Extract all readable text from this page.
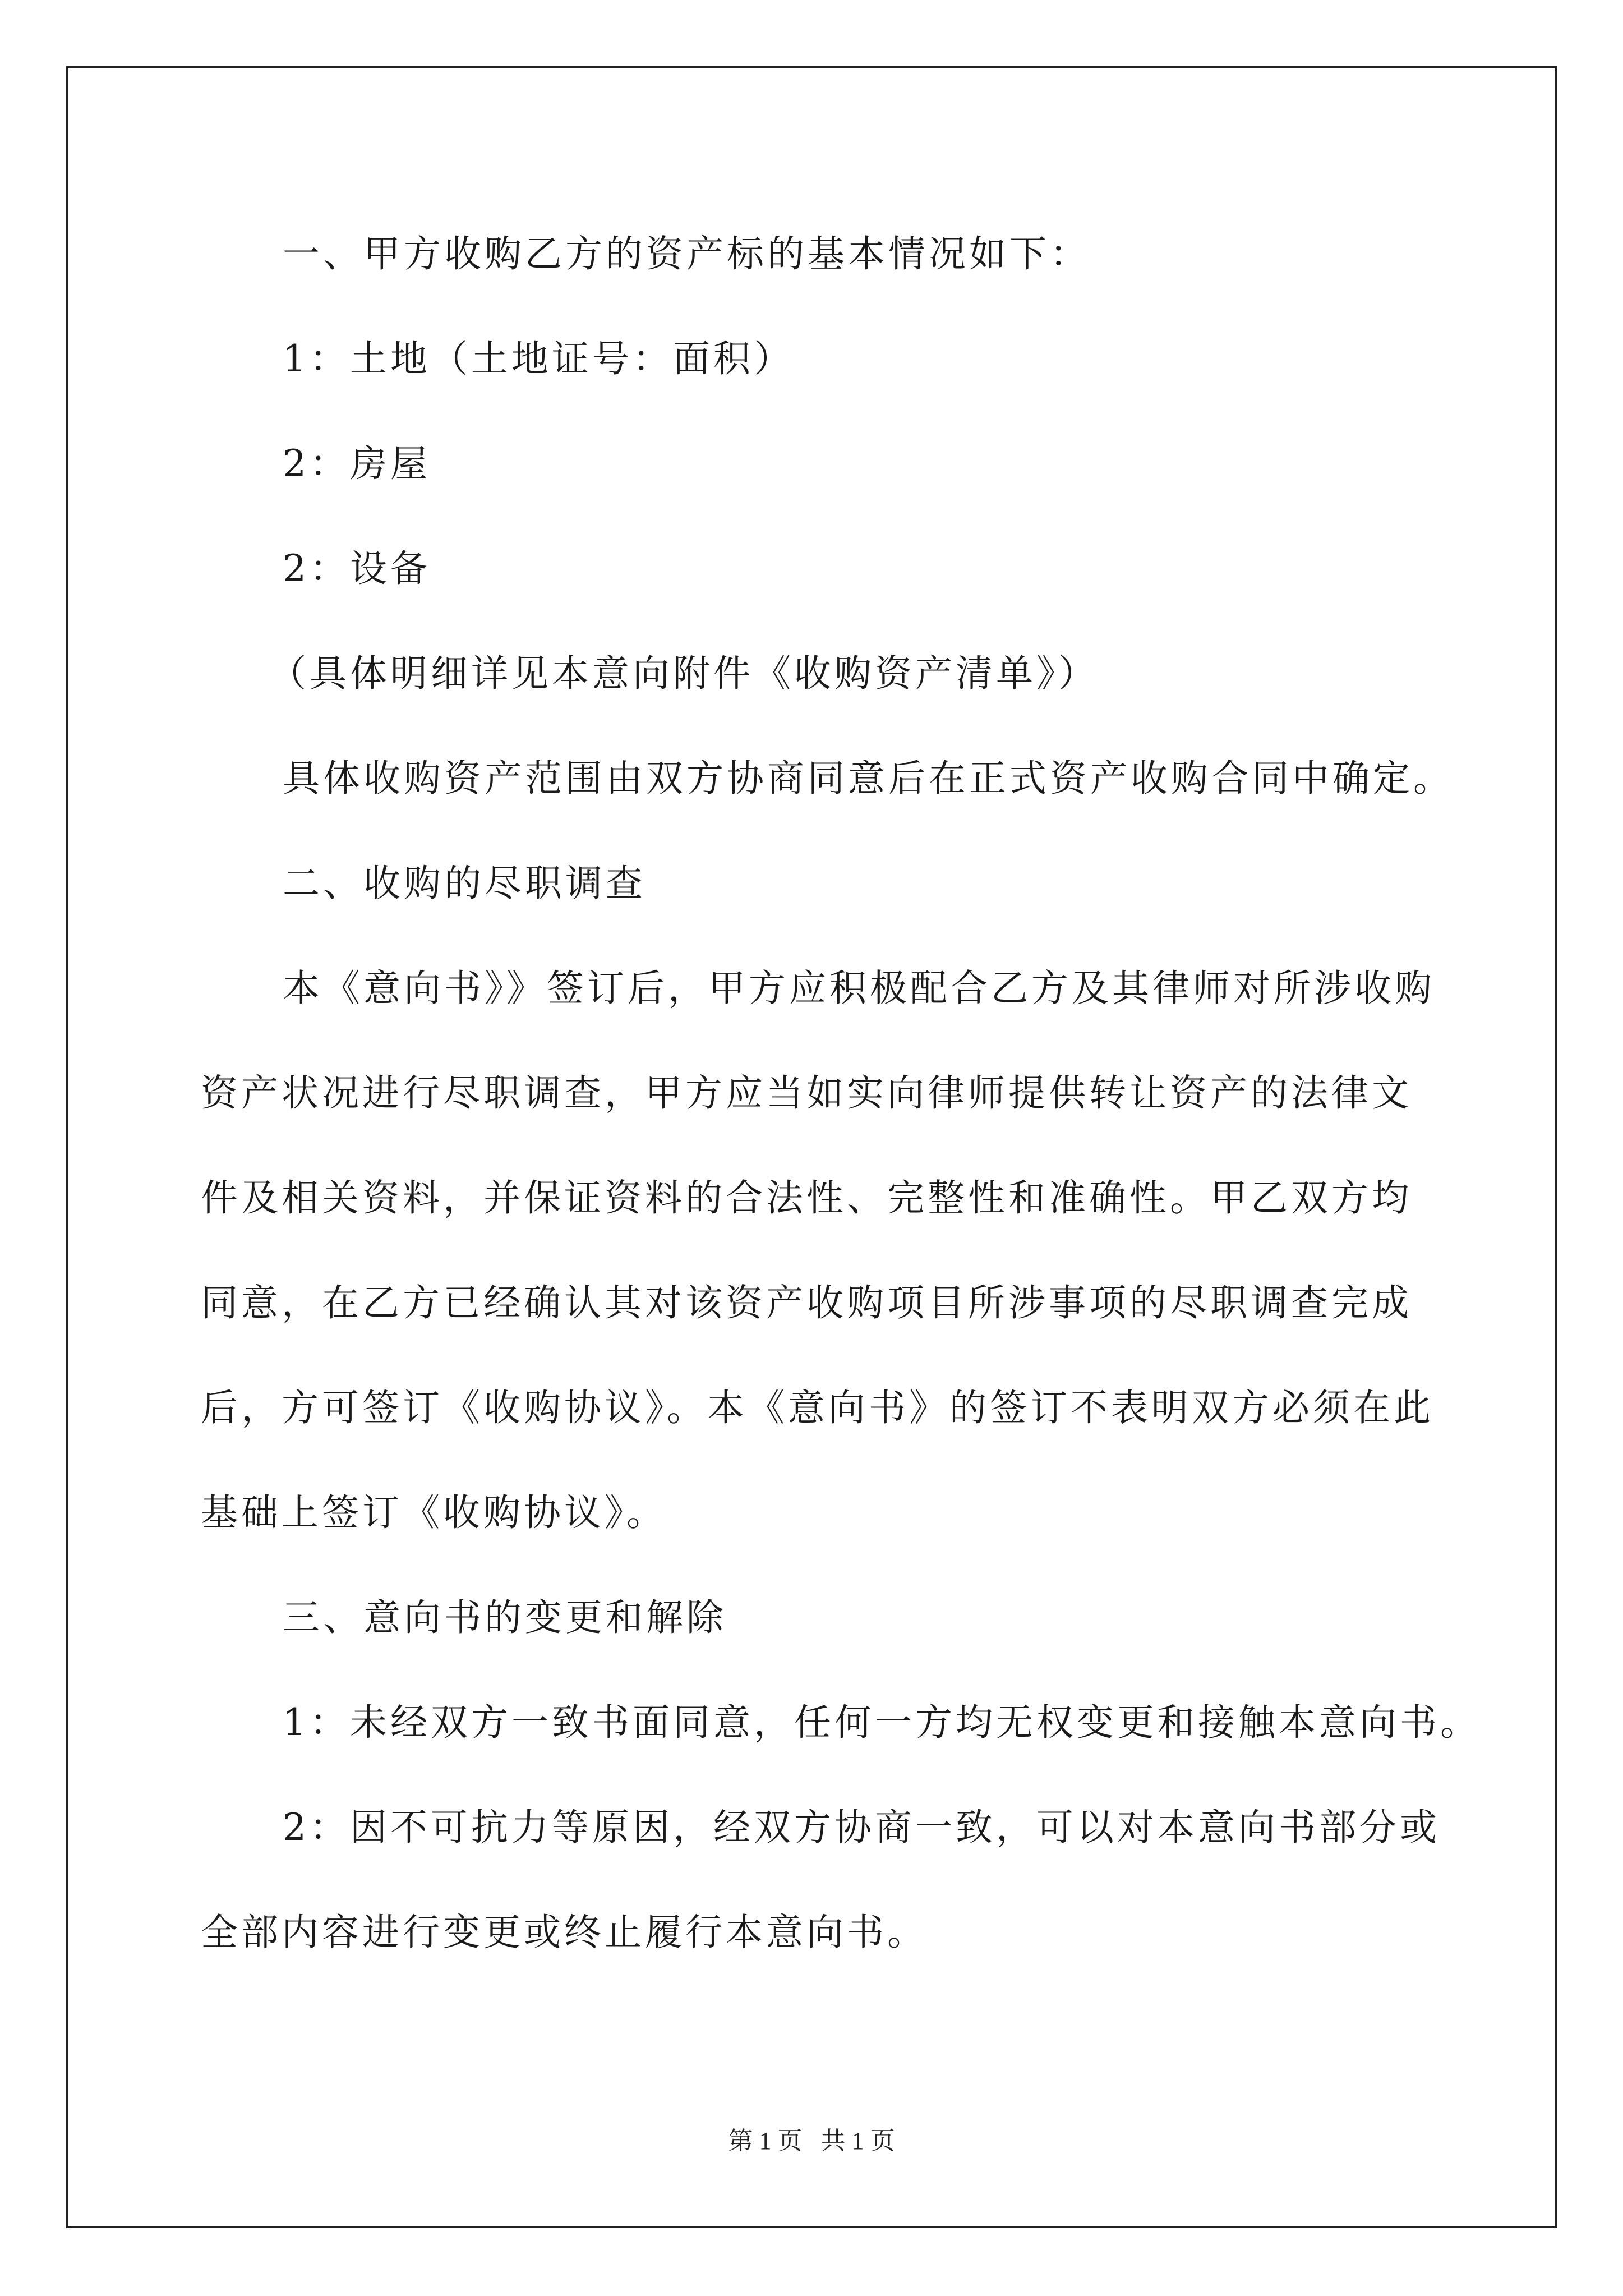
一、甲方收购乙方的资产标的基本情况如下：
1：土地（土地证号：面积）
2：房屋
2：设备
（具体明细详见本意向附件《收购资产清单》）
具体收购资产范围由双方协商同意后在正式资产收购合同中确定。
二、收购的尽职调查
本《意向书》》签订后，甲方应积极配合乙方及其律师对所涉收购
资产状况进行尽职调查，甲方应当如实向律师提供转让资产的法律文
件及相关资料，并保证资料的合法性、完整性和准确性。甲乙双方均
同意，在乙方已经确认其对该资产收购项目所涉事项的尽职调查完成
后，方可签订《收购协议》。本《意向书》的签订不表明双方必须在此
基础上签订《收购协议》。
三、意向书的变更和解除
1：未经双方一致书面同意，任何一方均无权变更和接触本意向书。
2：因不可抗力等原因，经双方协商一致，可以对本意向书部分或
全部内容进行变更或终止履行本意向书。
第 1 页   共 1 页
